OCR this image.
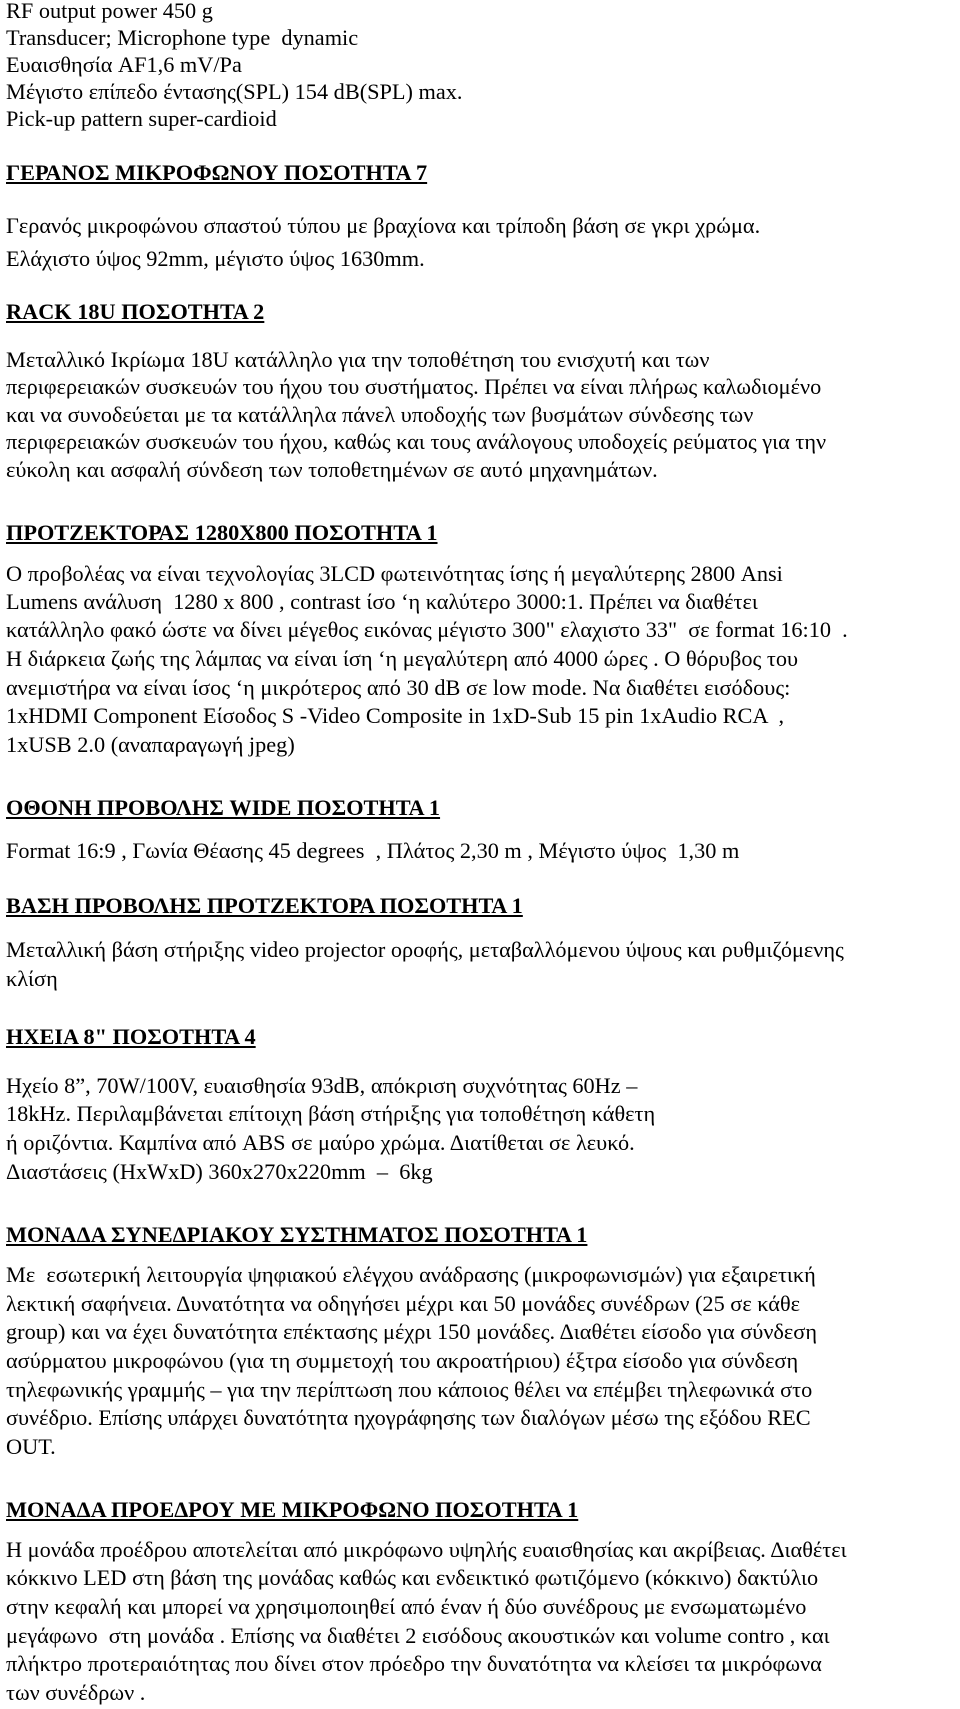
RF output power 450 g
Transducer; Microphone type  dynamic
Ευαισθησία AF1,6 mV/Pa
Μέγιστο επίπεδο έντασης(SPL) 154 dB(SPL) max.
Pick-up pattern super-cardioid
ΓΕΡΑΝΟΣ ΜΙΚΡΟΦΩΝΟΥ ΠΟΣΟΤΗΤΑ 7
Γερανός μικροφώνου σπαστού τύπου με βραχίονα και τρίποδη βάση σε γκρι χρώμα.
Ελάχιστο ύψος 92mm, μέγιστο ύψος 1630mm.
RACK 18U ΠΟΣΟΤΗΤΑ 2
Μεταλλικό Ικρίωμα 18U κατάλληλο για την τοποθέτηση του ενισχυτή και των
περιφερειακών συσκευών του ήχου του συστήματος. Πρέπει να είναι πλήρως καλωδιομένο
και να συνοδεύεται με τα κατάλληλα πάνελ υποδοχής των βυσμάτων σύνδεσης των
περιφερειακών συσκευών του ήχου, καθώς και τους ανάλογους υποδοχείς ρεύματος για την
εύκολη και ασφαλή σύνδεση των τοποθετημένων σε αυτό μηχανημάτων.
ΠΡΟΤΖΕΚΤΟΡΑΣ 1280Χ800 ΠΟΣΟΤΗΤΑ 1
Ο προβολέας να είναι τεχνολογίας 3LCD φωτεινότητας ίσης ή μεγαλύτερης 2800 Ansi
Lumens ανάλυση  1280 x 800 , contrast ίσο ‘η καλύτερο 3000:1. Πρέπει να διαθέτει
κατάλληλο φακό ώστε να δίνει μέγεθος εικόνας μέγιστο 300" ελαχιστο 33"  σε format 16:10  .
Η διάρκεια ζωής της λάμπας να είναι ίση ‘η μεγαλύτερη από 4000 ώρες . Ο θόρυβος του
ανεμιστήρα να είναι ίσος ‘η μικρότερος από 30 dB σε low mode. Να διαθέτει εισόδους:
1xHDMI Component Είσοδος S -Video Composite in 1xD-Sub 15 pin 1xAudio RCA  ,
1xUSB 2.0 (αναπαραγωγή jpeg)
ΟΘΟΝΗ ΠΡΟΒΟΛΗΣ WIDE ΠΟΣΟΤΗΤΑ 1
Format 16:9 , Γωνία Θέασης 45 degrees  , Πλάτος 2,30 m , Μέγιστο ύψος  1,30 m
ΒΑΣΗ ΠΡΟΒΟΛΗΣ ΠΡΟΤΖΕΚΤΟΡΑ ΠΟΣΟΤΗΤΑ 1
Μεταλλική βάση στήριξης video projector οροφής, μεταβαλλόμενου ύψους και ρυθμιζόμενης
κλίση
ΗΧΕΙΑ 8" ΠΟΣΟΤΗΤΑ 4
Ηχείο 8”, 70W/100V, ευαισθησία 93dB, απόκριση συχνότητας 60Hz –
18kHz. Περιλαμβάνεται επίτοιχη βάση στήριξης για τοποθέτηση κάθετη
ή οριζόντια. Καμπίνα από ABS σε μαύρο χρώμα. Διατίθεται σε λευκό.
Διαστάσεις (HxWxD) 360x270x220mm  –  6kg
ΜΟΝΑΔΑ ΣΥΝΕΔΡΙΑΚΟΥ ΣΥΣΤΗΜΑΤΟΣ ΠΟΣΟΤΗΤΑ 1
Με  εσωτερική λειτουργία ψηφιακού ελέγχου ανάδρασης (μικροφωνισμών) για εξαιρετική
λεκτική σαφήνεια. Δυνατότητα να οδηγήσει μέχρι και 50 μονάδες συνέδρων (25 σε κάθε
group) και να έχει δυνατότητα επέκτασης μέχρι 150 μονάδες. Διαθέτει είσοδο για σύνδεση
ασύρματου μικροφώνου (για τη συμμετοχή του ακροατήριου) έξτρα είσοδο για σύνδεση
τηλεφωνικής γραμμής – για την περίπτωση που κάποιος θέλει να επέμβει τηλεφωνικά στο
συνέδριο. Επίσης υπάρχει δυνατότητα ηχογράφησης των διαλόγων μέσω της εξόδου REC
OUT.
ΜΟΝΑΔΑ ΠΡΟΕΔΡΟΥ ΜΕ ΜΙΚΡΟΦΩΝΟ ΠΟΣΟΤΗΤΑ 1
Η μονάδα προέδρου αποτελείται από μικρόφωνο υψηλής ευαισθησίας και ακρίβειας. Διαθέτει
κόκκινο LED στη βάση της μονάδας καθώς και ενδεικτικό φωτιζόμενο (κόκκινο) δακτύλιο
στην κεφαλή και μπορεί να χρησιμοποιηθεί από έναν ή δύο συνέδρους με ενσωματωμένο
μεγάφωνο  στη μονάδα . Επίσης να διαθέτει 2 εισόδους ακουστικών και volume contro , και
πλήκτρο προτεραιότητας που δίνει στον πρόεδρο την δυνατότητα να κλείσει τα μικρόφωνα
των συνέδρων .
